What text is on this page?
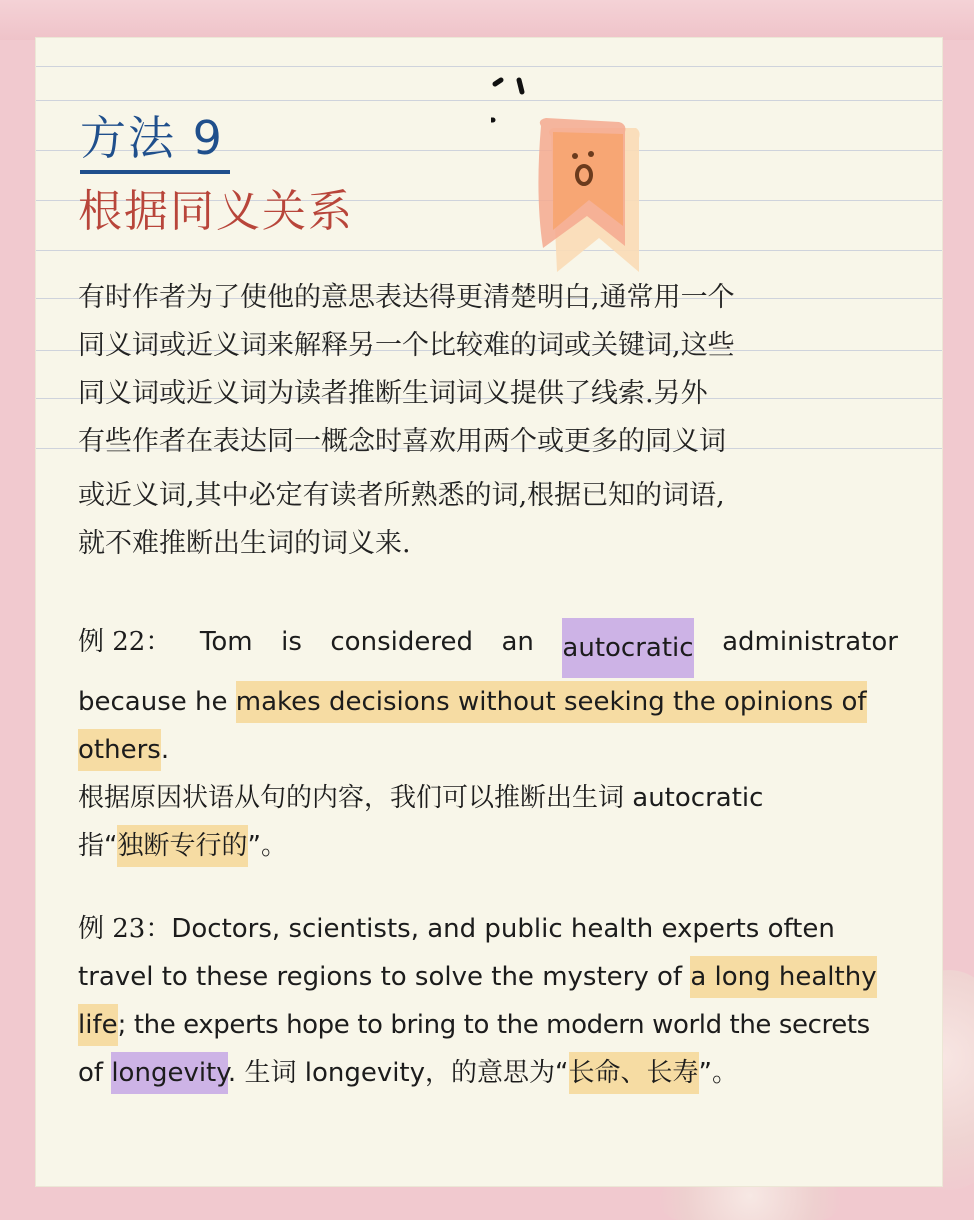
方法 9
根据同义关系

有时作者为了使他的意思表达得更清楚明白,通常用一个

同义词或近义词来解释另一个比较难的词或关键词,这些

同义词或近义词为读者推断生词词义提供了线索.另外

有些作者在表达同一概念时喜欢用两个或更多的同义词

或近义词,其中必定有读者所熟悉的词,根据已知的词语,

就不难推断出生词的词义来.

例 22： Tom is considered an autocratic administrator

because he makes decisions without seeking the opinions of

others.

根据原因状语从句的内容，我们可以推断出生词 autocratic

指“独断专行的”。

例 23：Doctors, scientists, and public health experts often

travel to these regions to solve the mystery of a long healthy

life; the experts hope to bring to the modern world the secrets

of longevity. 生词 longevity，的意思为“长命、长寿”。
